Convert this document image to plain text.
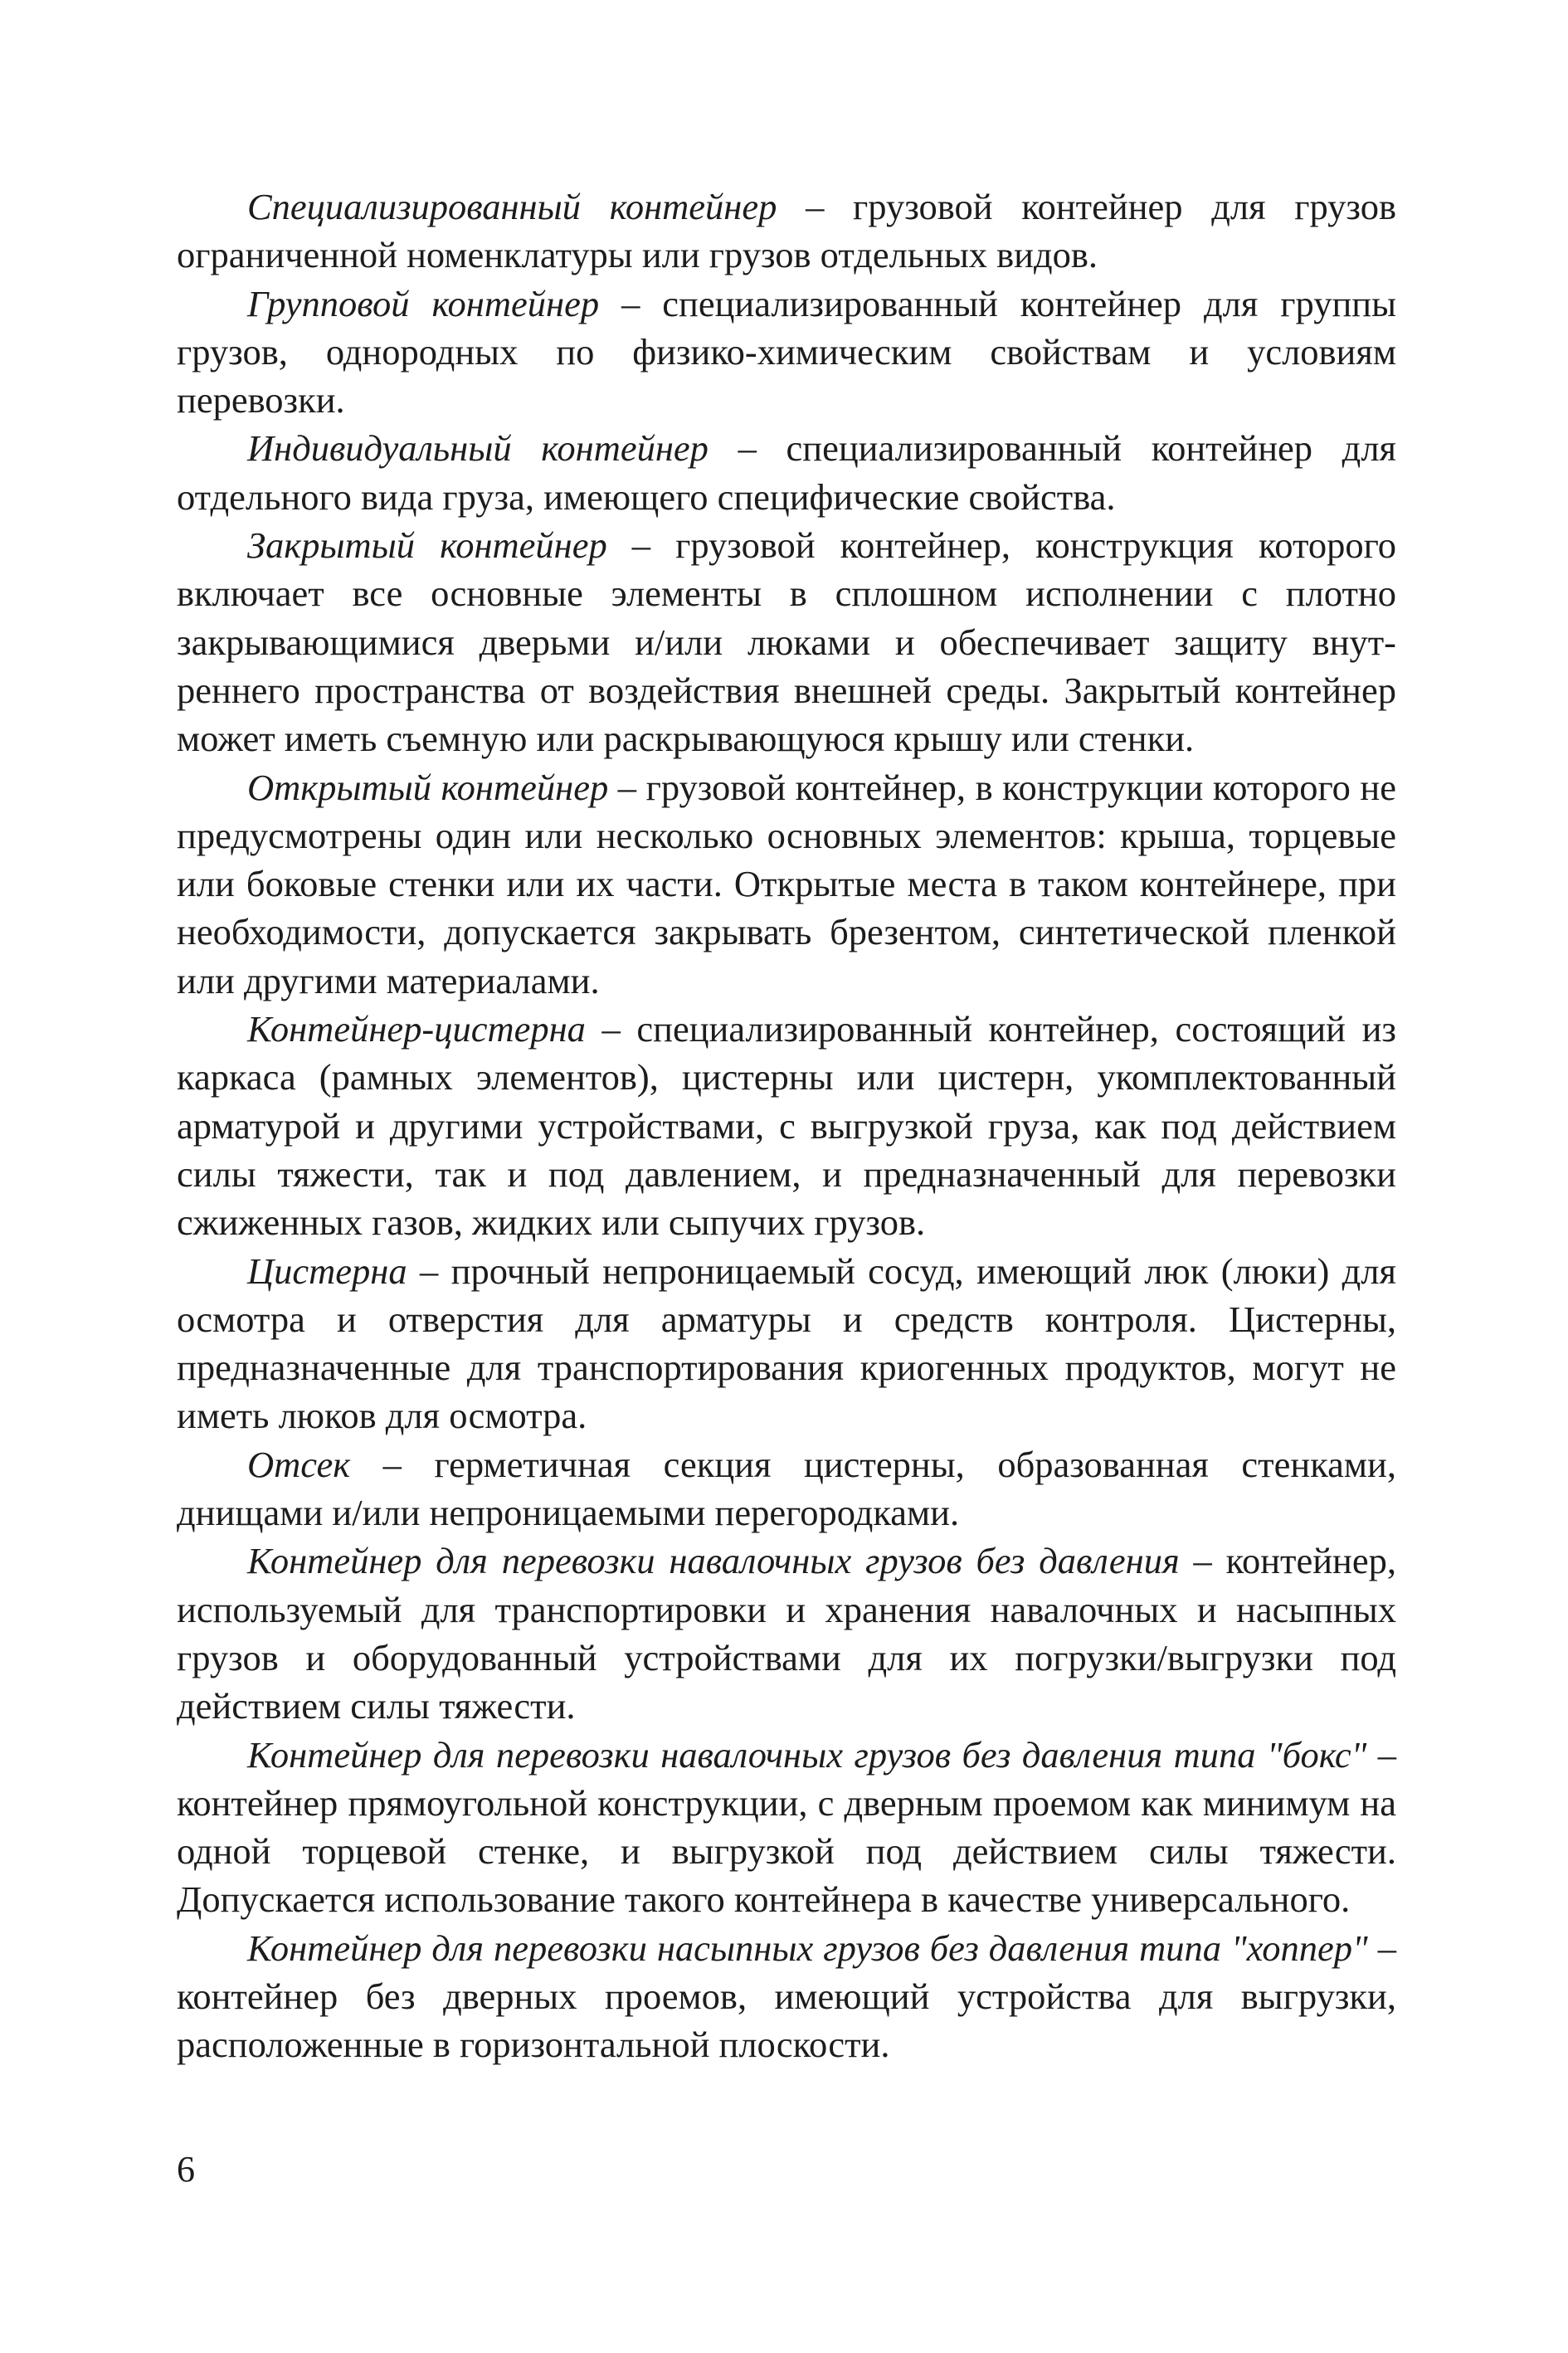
Специализированный контейнер – грузовой контейнер для грузов ограниченной номенклатуры или грузов отдельных видов.

Групповой контейнер – специализированный контейнер для группы грузов, однородных по физико-химическим свойствам и условиям перевозки.

Индивидуальный контейнер – специализированный контейнер для отдельного вида груза, имеющего специфические свойства.

Закрытый контейнер – грузовой контейнер, конструкция которого включает все основные элементы в сплошном исполнении с плотно закрывающимися дверьми и/или люками и обеспечивает защиту внутреннего пространства от воздействия внешней среды. Закрытый контейнер может иметь съемную или раскрывающуюся крышу или стенки.

Открытый контейнер – грузовой контейнер, в конструкции которого не предусмотрены один или несколько основных элементов: крыша, торцевые или боковые стенки или их части. Открытые места в таком контейнере, при необходимости, допускается закрывать брезентом, синтетической пленкой или другими материалами.

Контейнер-цистерна – специализированный контейнер, состоящий из каркаса (рамных элементов), цистерны или цистерн, укомплектованный арматурой и другими устройствами, с выгрузкой груза, как под действием силы тяжести, так и под давлением, и предназначенный для перевозки сжиженных газов, жидких или сыпучих грузов.

Цистерна – прочный непроницаемый сосуд, имеющий люк (люки) для осмотра и отверстия для арматуры и средств контроля. Цистерны, предназначенные для транспортирования криогенных продуктов, могут не иметь люков для осмотра.

Отсек – герметичная секция цистерны, образованная стенками, днищами и/или непроницаемыми перегородками.

Контейнер для перевозки навалочных грузов без давления – контейнер, используемый для транспортировки и хранения навалочных и насыпных грузов и оборудованный устройствами для их погрузки/выгрузки под действием силы тяжести.

Контейнер для перевозки навалочных грузов без давления типа "бокс" – контейнер прямоугольной конструкции, с дверным проемом как минимум на одной торцевой стенке, и выгрузкой под действием силы тяжести. Допускается использование такого контейнера в качестве универсального.

Контейнер для перевозки насыпных грузов без давления типа "хоппер" – контейнер без дверных проемов, имеющий устройства для выгрузки, расположенные в горизонтальной плоскости.

6
